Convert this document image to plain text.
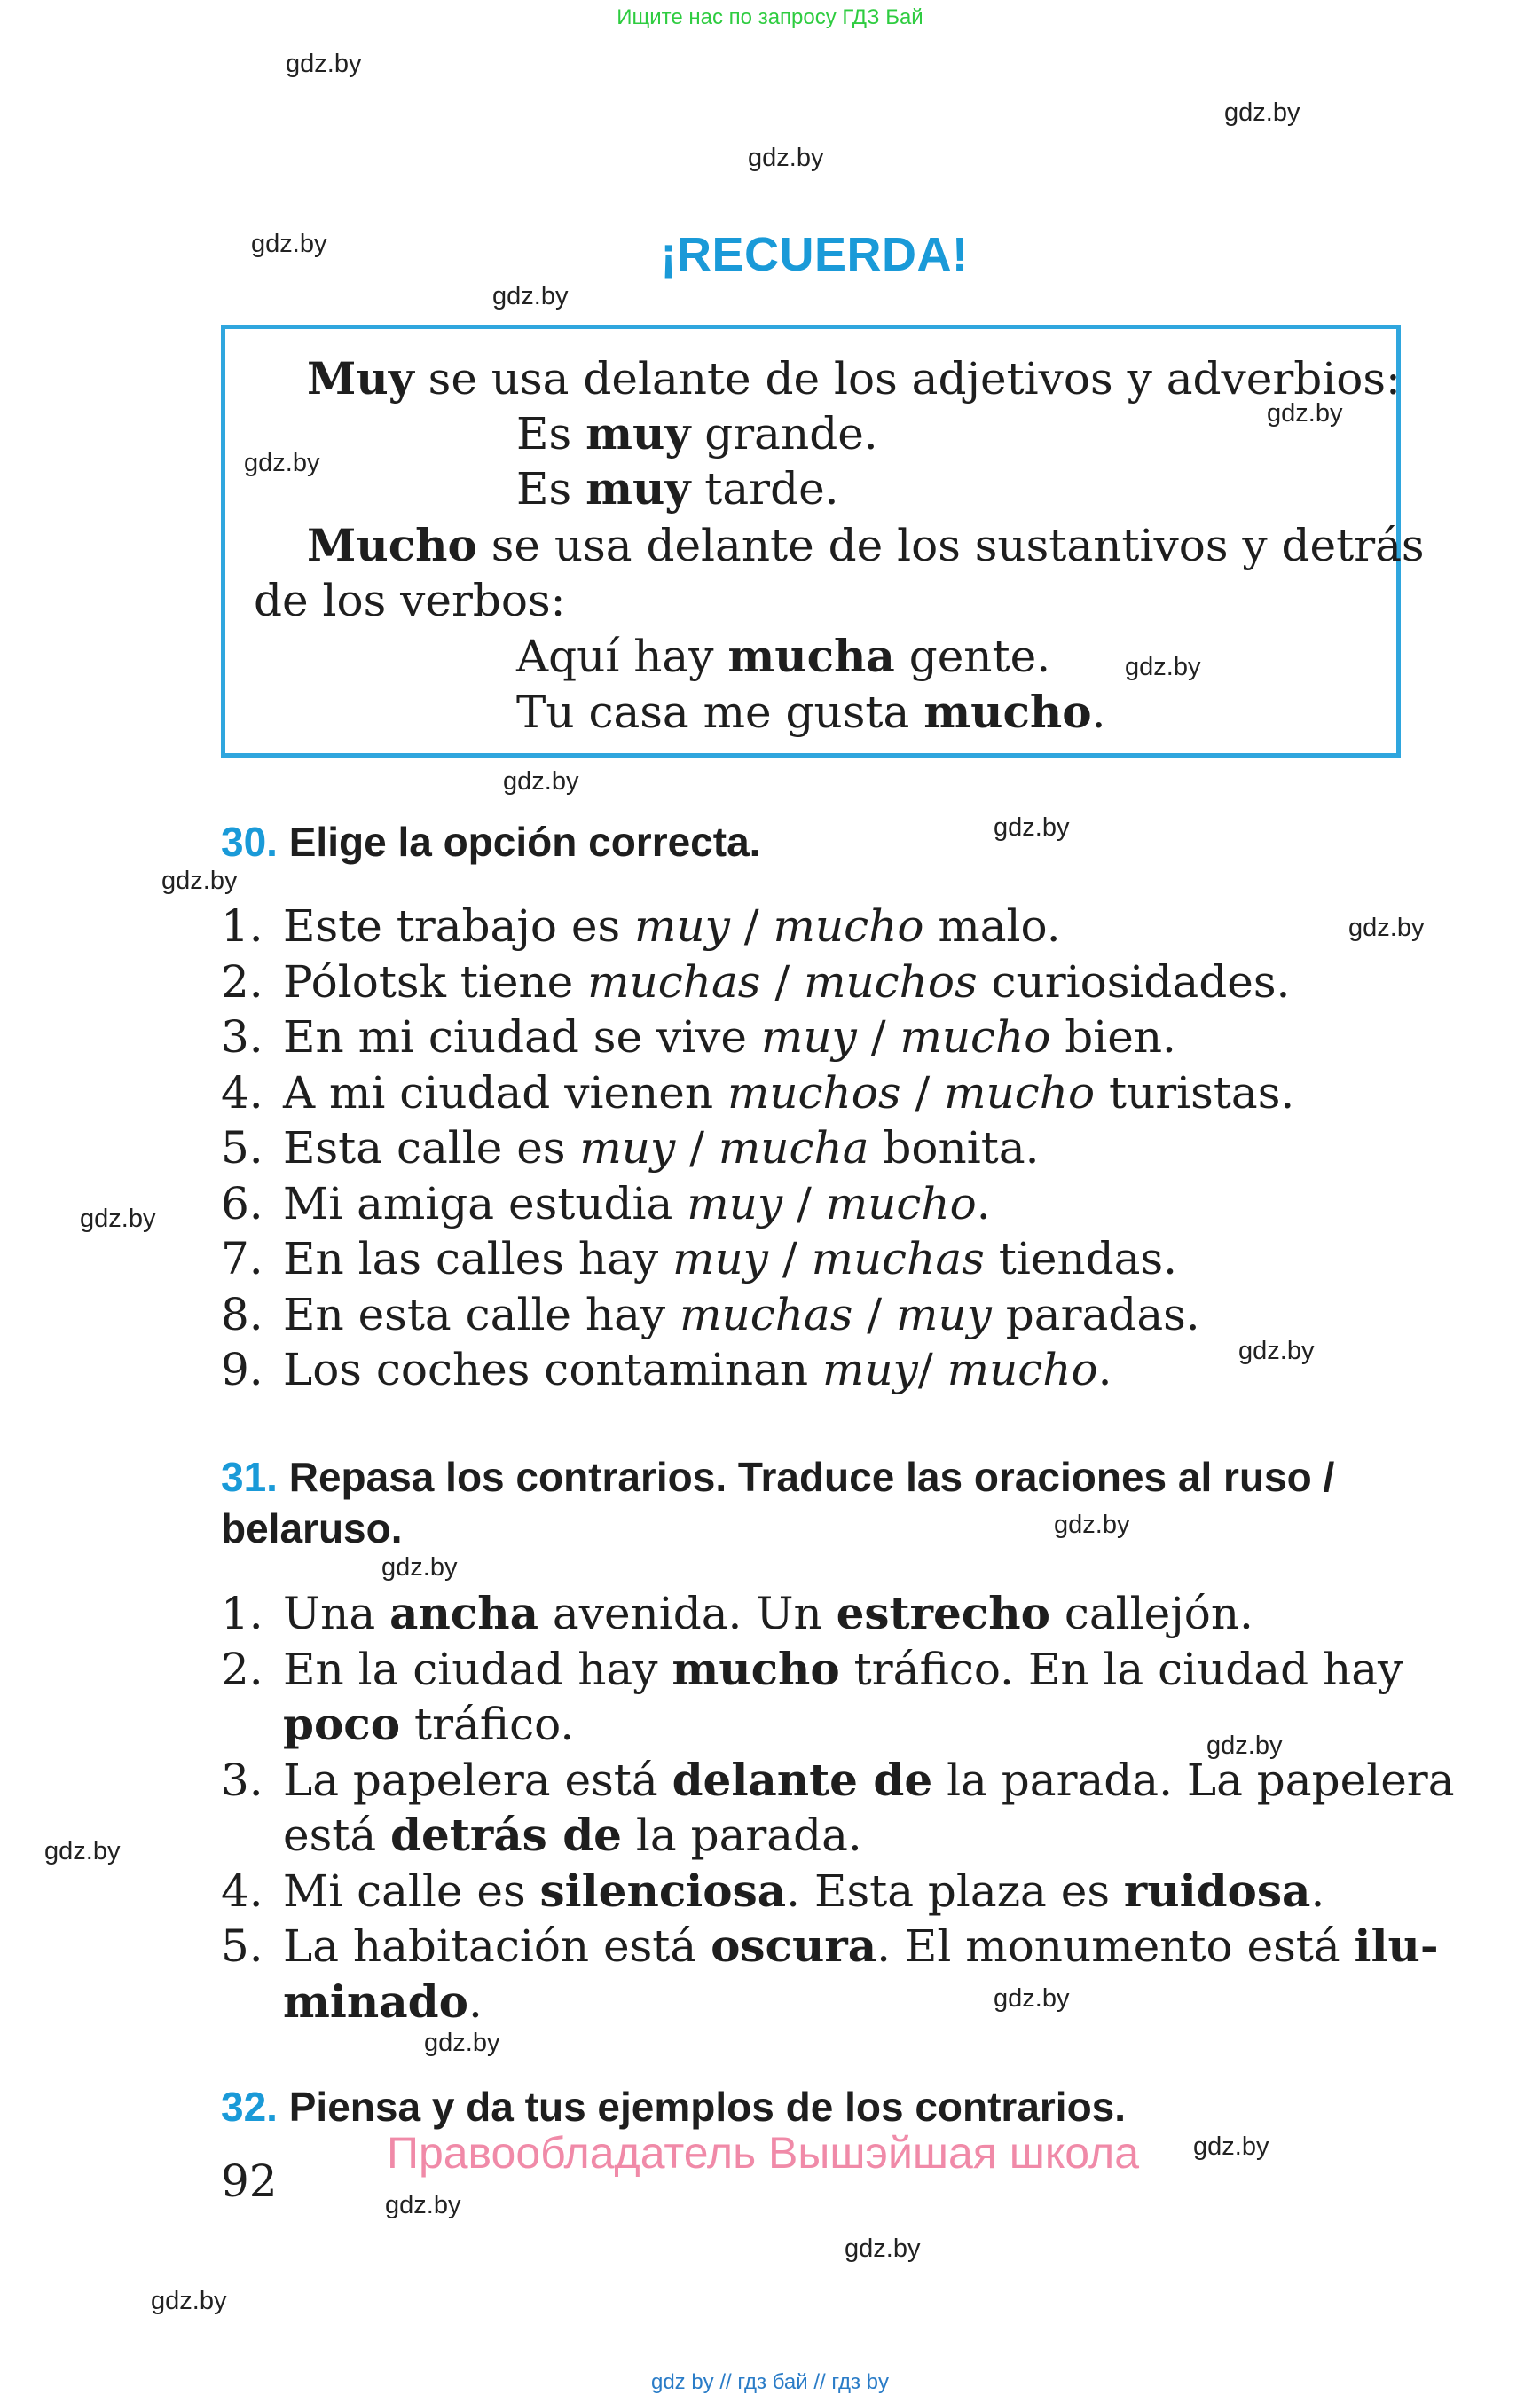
Ищите нас по запросу ГДЗ Бай
gdz.by
gdz.by
gdz.by
gdz.by
gdz.by
gdz.by
gdz.by
gdz.by
gdz.by
gdz.by
gdz.by
gdz.by
gdz.by
gdz.by
gdz.by
gdz.by
gdz.by
gdz.by
gdz.by
gdz.by
gdz.by
gdz.by
gdz.by
gdz.by
¡RECUERDA!
Muy se usa delante de los adjetivos y adverbios:
Es muy grande.
Es muy tarde.
Mucho se usa delante de los sustantivos y detrás
de los verbos:
Aquí hay mucha gente.
Tu casa me gusta mucho.
30. Elige la opción correcta.
1. Este trabajo es muy / mucho malo.
2. Pólotsk tiene muchas / muchos curiosidades.
3. En mi ciudad se vive muy / mucho bien.
4. A mi ciudad vienen muchos / mucho turistas.
5. Esta calle es muy / mucha bonita.
6. Mi amiga estudia muy / mucho.
7. En las calles hay muy / muchas tiendas.
8. En esta calle hay muchas / muy paradas.
9. Los coches contaminan muy/ mucho.
31. Repasa los contrarios. Traduce las oraciones al ruso /
belaruso.
1. Una ancha avenida. Un estrecho callejón.
2. En la ciudad hay mucho tráfico. En la ciudad hay
poco tráfico.
3. La papelera está delante de la parada. La papelera
está detrás de la parada.
4. Mi calle es silenciosa. Esta plaza es ruidosa.
5. La habitación está oscura. El monumento está ilu-
minado.
32. Piensa y da tus ejemplos de los contrarios.
Правообладатель Вышэйшая школа
92
gdz by // гдз бай // гдз by
